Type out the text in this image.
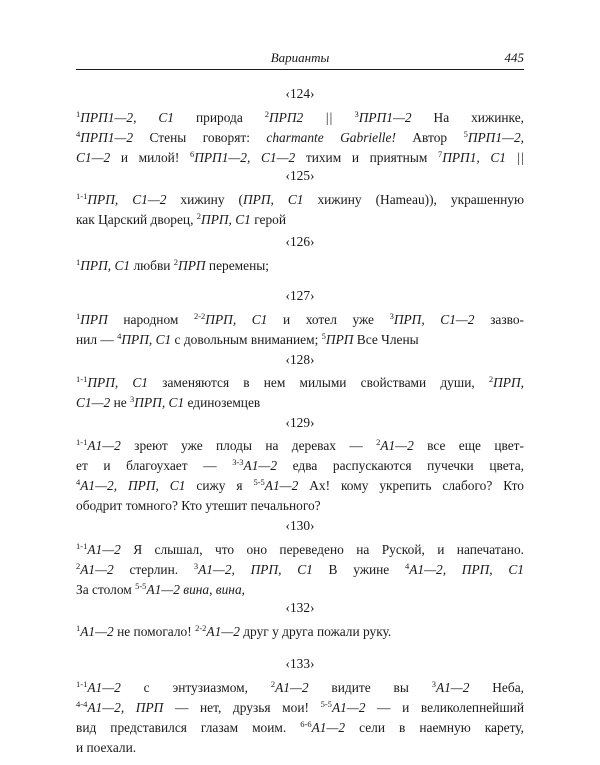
Варианты	445
‹124›
$^1$ПРП1—2, С1 природа $^2$ПРП2 ||	$^3$ПРП1—2 На хижинке,
$^4$ПРП1—2 Стены говорят: charmante Gabrielle! Автор $^5$ПРП1—2,
С1—2 и милой! $^6$ПРП1—2, С1—2 тихим и приятным $^7$ПРП1, С1 ||
‹125›
$^{1-1}$ПРП, С1—2 хижину (ПРП, С1 хижину (Hameau)), украшенную
как Царский дворец, $^2$ПРП, С1 герой
‹126›
$^1$ПРП, С1 любви $^2$ПРП перемены;
‹127›
$^1$ПРП народном $^{2-2}$ПРП, С1 и хотел уже $^3$ПРП, С1—2 зазво-
нил — $^4$ПРП, С1 с довольным вниманием; $^5$ПРП Все Члены
‹128›
$^{1-1}$ПРП, С1 заменяются в нем милыми свойствами души, $^2$ПРП,
С1—2 не $^3$ПРП, С1 единоземцев
‹129›
$^{1-1}$А1—2 зреют уже плоды на деревах — $^2$А1—2 все еще цвет-
ет и благоухает — $^{3-3}$А1—2 едва распускаются пучечки цвета,
$^4$А1—2, ПРП, С1 сижу я $^{5-5}$А1—2 Ах! кому укрепить слабого? Кто
ободрит томного? Кто утешит печального?
‹130›
$^{1-1}$А1—2 Я слышал, что оно переведено на Руской, и напечатано.
$^2$А1—2 стерлин. $^3$А1—2, ПРП, С1 В ужине $^4$А1—2, ПРП, С1
За столом $^{5-5}$А1—2 вина, вина,
‹132›
$^1$А1—2 не помогало! $^{2-2}$А1—2 друг у друга пожали руку.
‹133›
$^{1-1}$А1—2 с энтузиазмом, $^2$А1—2 видите вы $^3$А1—2 Неба,
$^{4-4}$А1—2, ПРП — нет, друзья мои! $^{5-5}$А1—2 — и великолепнейший
вид представился глазам моим. $^{6-6}$А1—2 сели в наемную карету,
и поехали.
